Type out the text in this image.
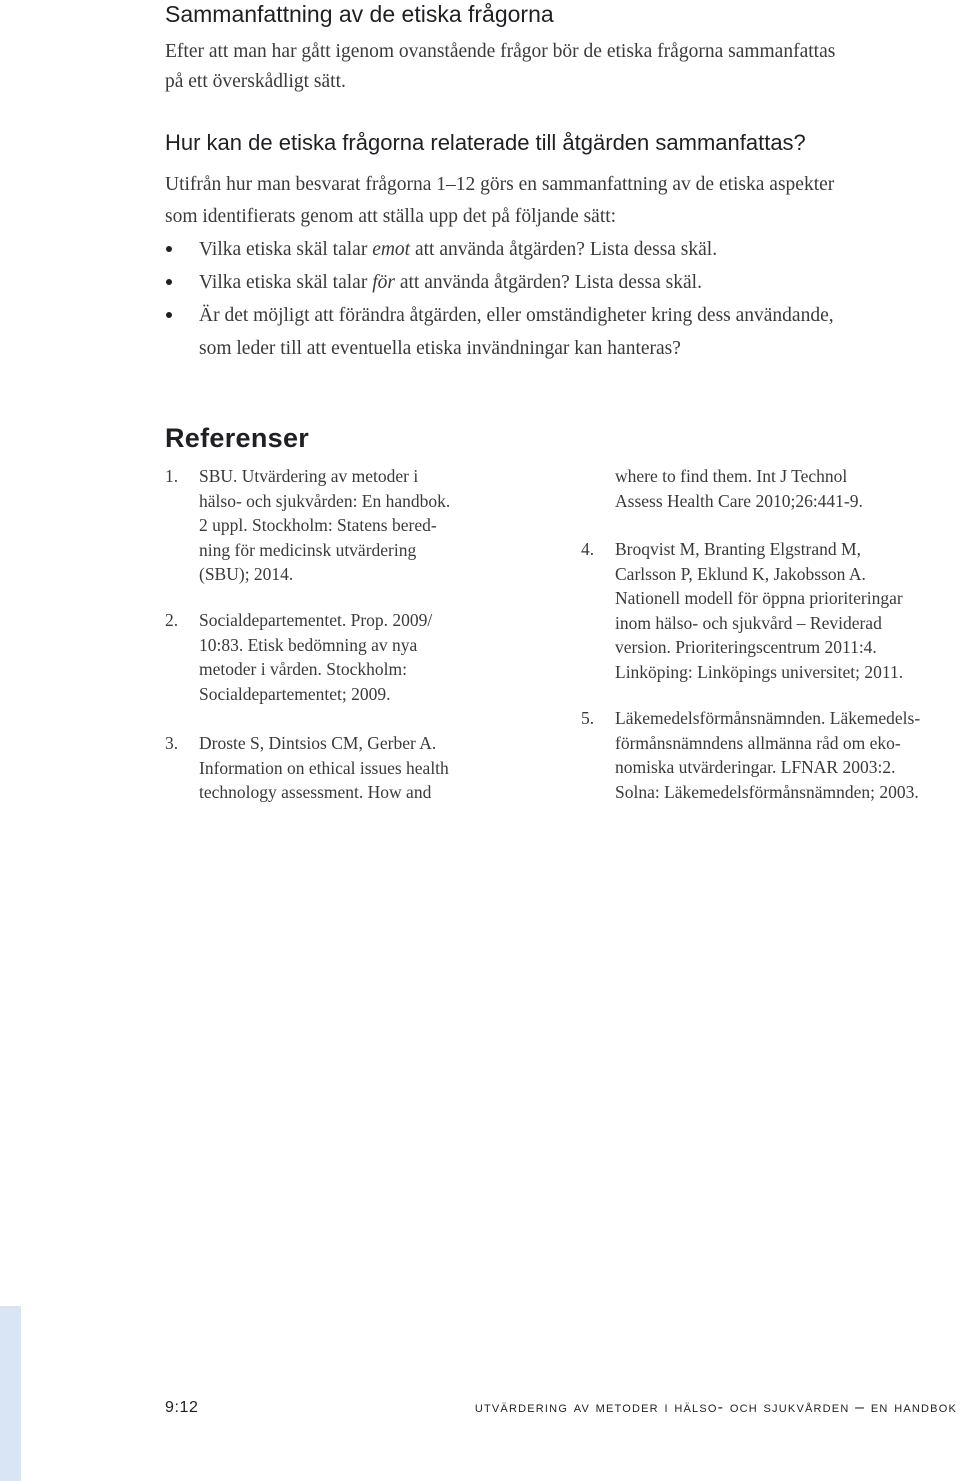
Sammanfattning av de etiska frågorna
Efter att man har gått igenom ovanstående frågor bör de etiska frågorna sammanfattas
på ett överskådligt sätt.
Hur kan de etiska frågorna relaterade till åtgärden sammanfattas?
Utifrån hur man besvarat frågorna 1–12 görs en sammanfattning av de etiska aspekter
som identifierats genom att ställa upp det på följande sätt:
Vilka etiska skäl talar emot att använda åtgärden? Lista dessa skäl.
Vilka etiska skäl talar för att använda åtgärden? Lista dessa skäl.
Är det möjligt att förändra åtgärden, eller omständigheter kring dess användande,
som leder till att eventuella etiska invändningar kan hanteras?
Referenser
1. SBU. Utvärdering av metoder i
hälso- och sjukvården: En handbok.
2 uppl. Stockholm: Statens bered-
ning för medicinsk utvärdering
(SBU); 2014.
2. Socialdepartementet. Prop. 2009/
10:83. Etisk bedömning av nya
metoder i vården. Stockholm:
Socialdepartementet; 2009.
3. Droste S, Dintsios CM, Gerber A.
Information on ethical issues health
technology assessment. How and
where to find them. Int J Technol
Assess Health Care 2010;26:441-9.
4. Broqvist M, Branting Elgstrand M,
Carlsson P, Eklund K, Jakobsson A.
Nationell modell för öppna prioriteringar
inom hälso- och sjukvård – Reviderad
version. Prioriteringscentrum 2011:4.
Linköping: Linköpings universitet; 2011.
5. Läkemedelsförmånsnämnden. Läkemedels-
förmånsnämndens allmänna råd om eko-
nomiska utvärderingar. LFNAR 2003:2.
Solna: Läkemedelsförmånsnämnden; 2003.
9:12	utvärdering av metoder i hälso- och sjukvården – en handbok
